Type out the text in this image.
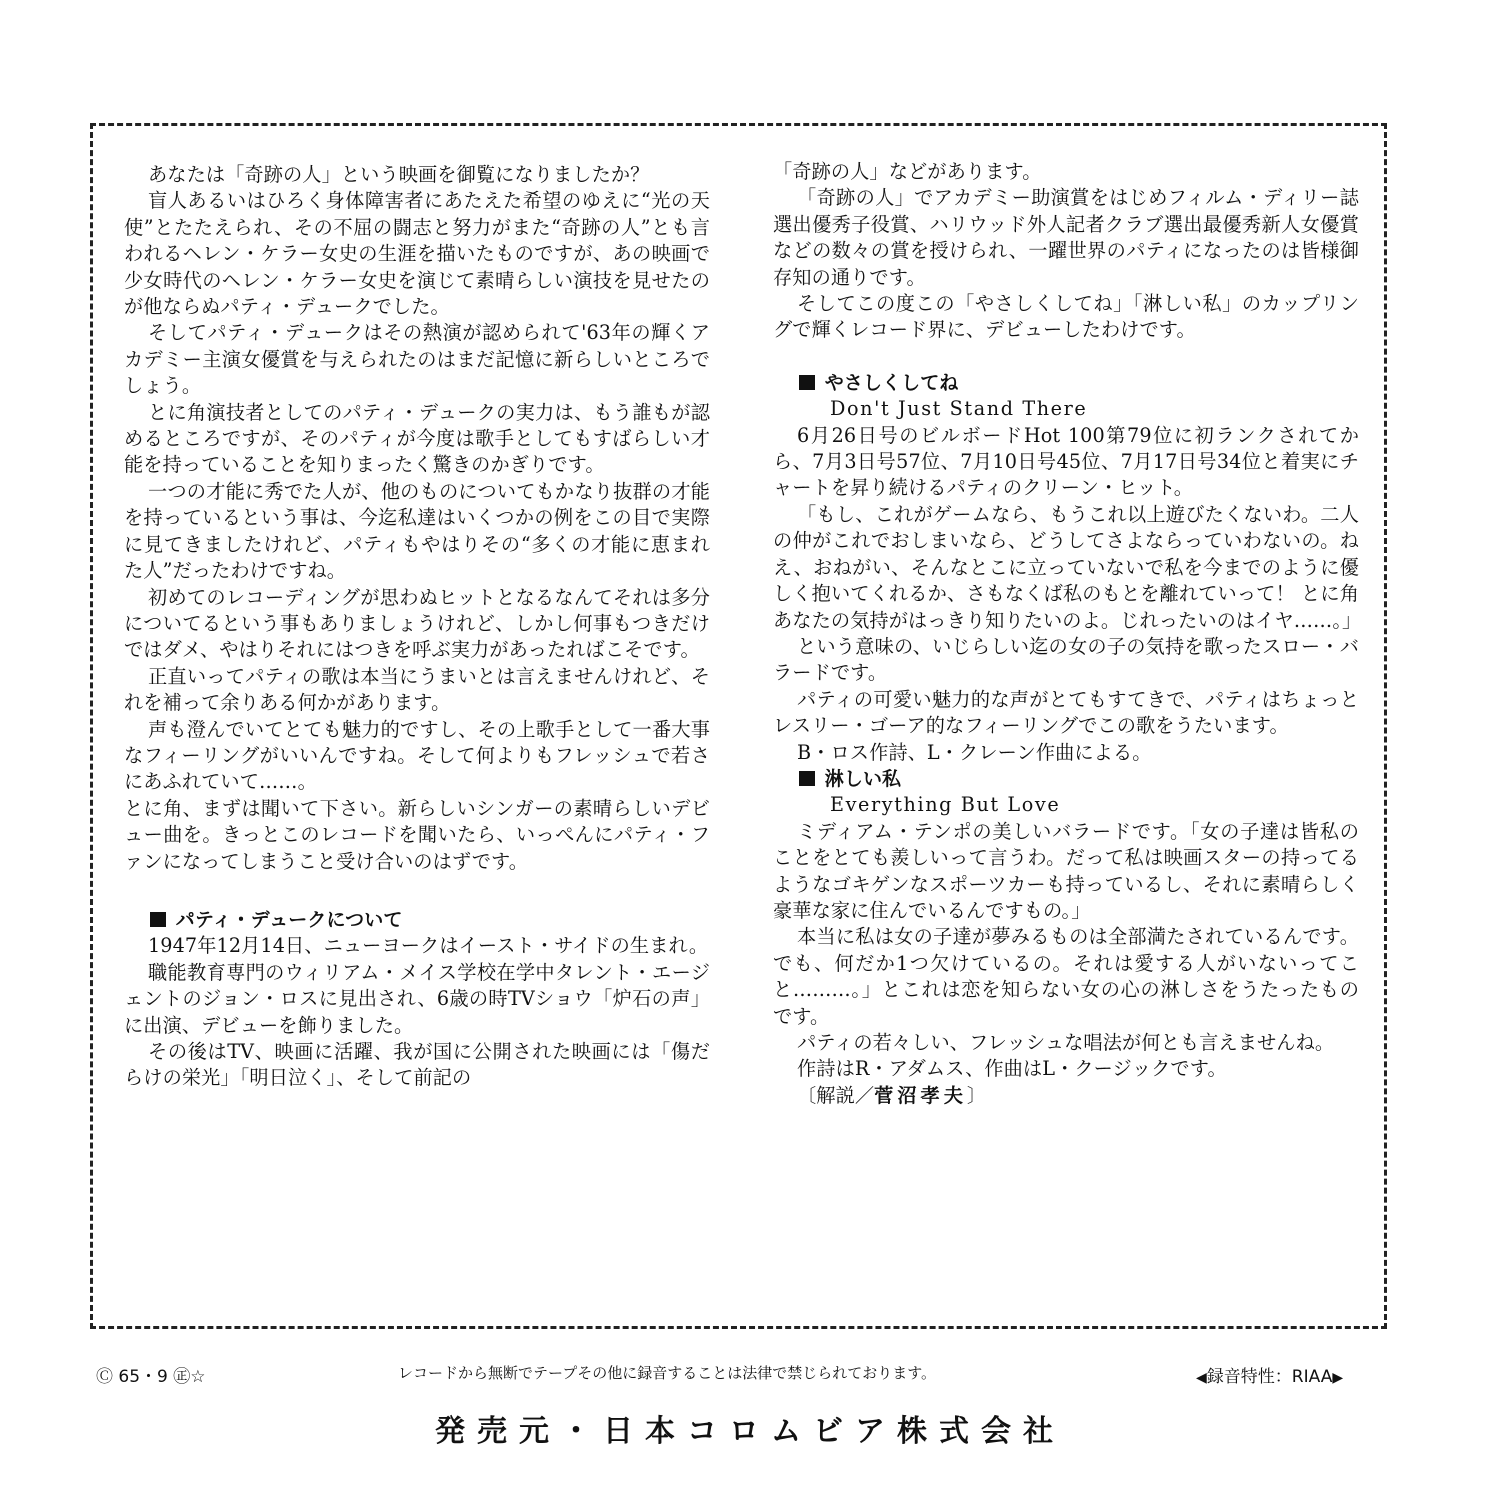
あなたは「奇跡の人」という映画を御覧になりましたか？

盲人あるいはひろく身体障害者にあたえた希望のゆえに“光の天使”とたたえられ、その不屈の闘志と努力がまた“奇跡の人”とも言われるヘレン・ケラー女史の生涯を描いたものですが、あの映画で少女時代のヘレン・ケラー女史を演じて素晴らしい演技を見せたのが他ならぬパティ・デュークでした。

そしてパティ・デュークはその熱演が認められて'63年の輝くアカデミー主演女優賞を与えられたのはまだ記憶に新らしいところでしょう。

とに角演技者としてのパティ・デュークの実力は、もう誰もが認めるところですが、そのパティが今度は歌手としてもすばらしい才能を持っていることを知りまったく驚きのかぎりです。

一つの才能に秀でた人が、他のものについてもかなり抜群の才能を持っているという事は、今迄私達はいくつかの例をこの目で実際に見てきましたけれど、パティもやはりその“多くの才能に恵まれた人”だったわけですね。

初めてのレコーディングが思わぬヒットとなるなんてそれは多分についてるという事もありましょうけれど、しかし何事もつきだけではダメ、やはりそれにはつきを呼ぶ実力があったればこそです。

正直いってパティの歌は本当にうまいとは言えませんけれど、それを補って余りある何かがあります。

声も澄んでいてとても魅力的ですし、その上歌手として一番大事なフィーリングがいいんですね。そして何よりもフレッシュで若さにあふれていて……。

とに角、まずは聞いて下さい。新らしいシンガーの素晴らしいデビュー曲を。きっとこのレコードを聞いたら、いっぺんにパティ・ファンになってしまうこと受け合いのはずです。

パティ・デュークについて

1947年12月14日、ニューヨークはイースト・サイドの生まれ。

職能教育専門のウィリアム・メイス学校在学中タレント・エージェントのジョン・ロスに見出され、6歳の時TVショウ「炉石の声」に出演、デビューを飾りました。

その後はTV、映画に活躍、我が国に公開された映画には「傷だらけの栄光」「明日泣く」、そして前記の

「奇跡の人」などがあります。

「奇跡の人」でアカデミー助演賞をはじめフィルム・ディリー誌選出優秀子役賞、ハリウッド外人記者クラブ選出最優秀新人女優賞などの数々の賞を授けられ、一躍世界のパティになったのは皆様御存知の通りです。

そしてこの度この「やさしくしてね」「淋しい私」のカップリングで輝くレコード界に、デビューしたわけです。

やさしくしてね

Don't Just Stand There

6月26日号のビルボードHot 100第79位に初ランクされてから、7月3日号57位、7月10日号45位、7月17日号34位と着実にチャートを昇り続けるパティのクリーン・ヒット。

「もし、これがゲームなら、もうこれ以上遊びたくないわ。二人の仲がこれでおしまいなら、どうしてさよならっていわないの。ねえ、おねがい、そんなとこに立っていないで私を今までのように優しく抱いてくれるか、さもなくば私のもとを離れていって！ とに角あなたの気持がはっきり知りたいのよ。じれったいのはイヤ……。」

という意味の、いじらしい迄の女の子の気持を歌ったスロー・バラードです。

パティの可愛い魅力的な声がとてもすてきで、パティはちょっとレスリー・ゴーア的なフィーリングでこの歌をうたいます。

B・ロス作詩、L・クレーン作曲による。

淋しい私

Everything But Love

ミディアム・テンポの美しいバラードです。「女の子達は皆私のことをとても羨しいって言うわ。だって私は映画スターの持ってるようなゴキゲンなスポーツカーも持っているし、それに素晴らしく豪華な家に住んでいるんですもの。」

本当に私は女の子達が夢みるものは全部満たされているんです。でも、何だか1つ欠けているの。それは愛する人がいないってこと………。」とこれは恋を知らない女の心の淋しさをうたったものです。

パティの若々しい、フレッシュな唱法が何とも言えませんね。

作詩はR・アダムス、作曲はL・クージックです。

〔解説／菅沼孝夫〕

Ⓒ 65・9 ㊣☆	レコードから無断でテープその他に録音することは法律で禁じられております。	◀録音特性：RIAA▶
発売元・日本コロムビア株式会社
